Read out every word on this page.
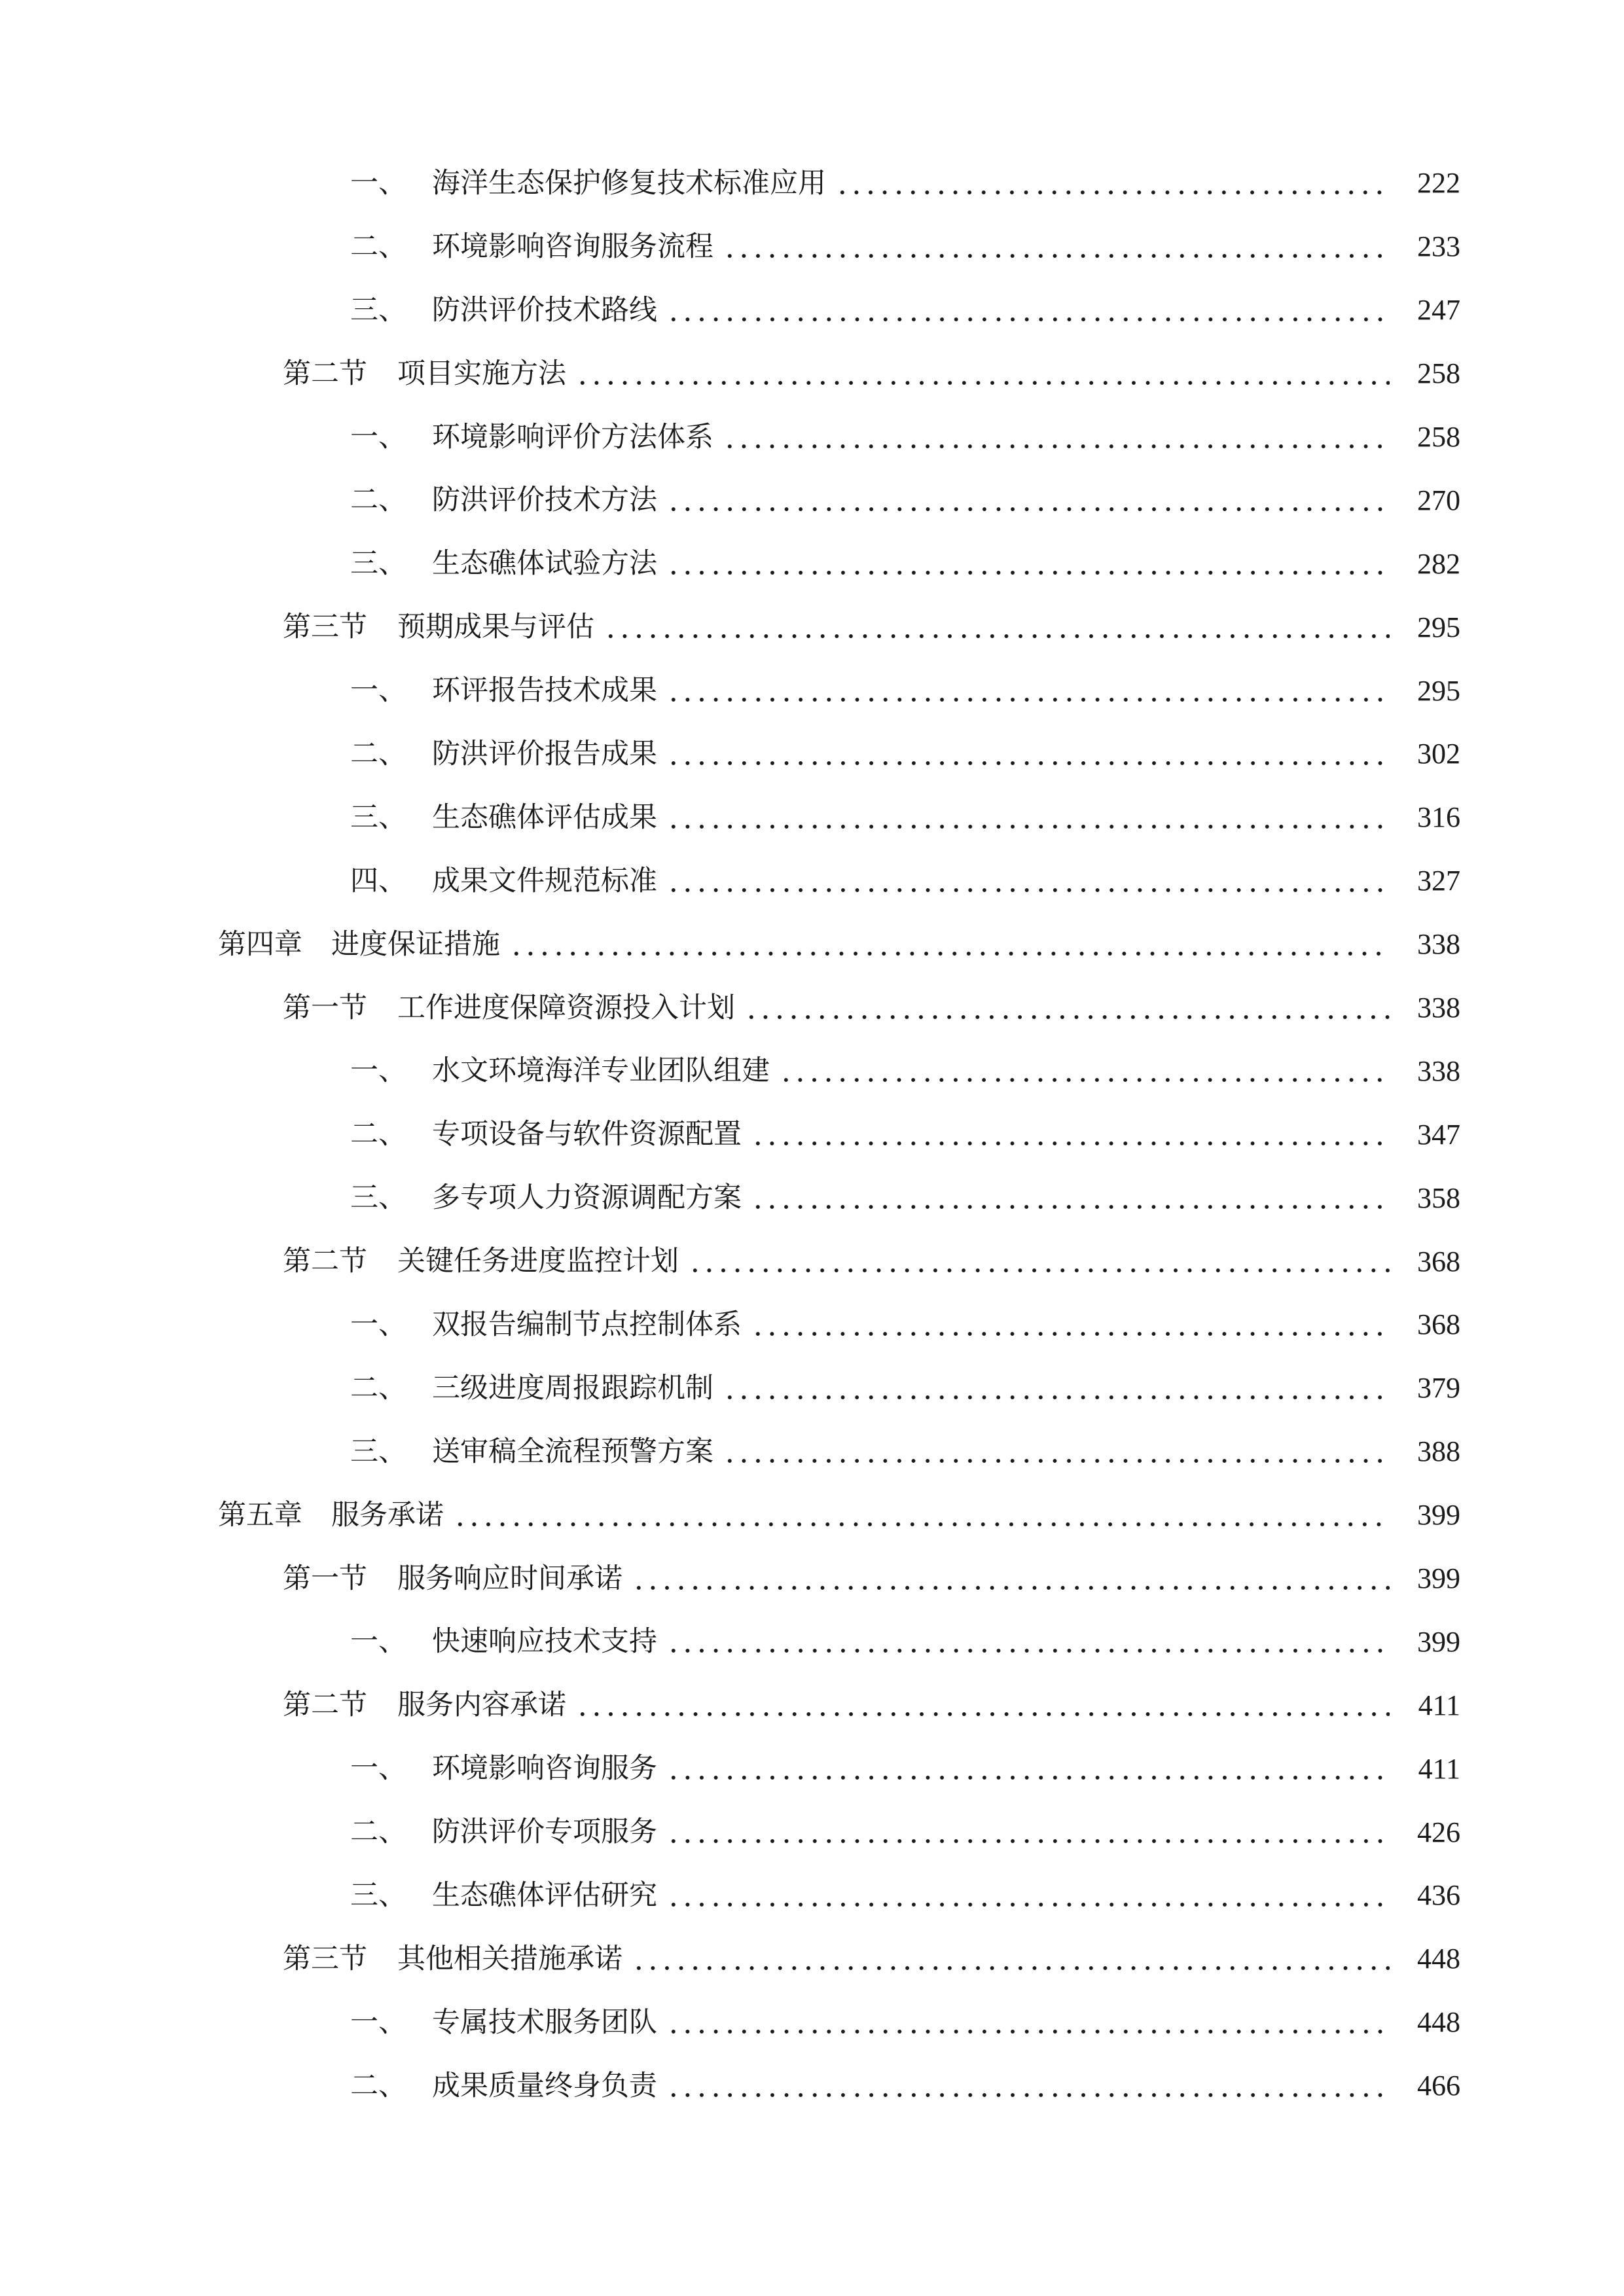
一、 海洋生态保护修复技术标准应用	222
二、 环境影响咨询服务流程	233
三、 防洪评价技术路线	247
第二节	项目实施方法	258
一、 环境影响评价方法体系	258
二、 防洪评价技术方法	270
三、 生态礁体试验方法	282
第三节	预期成果与评估	295
一、 环评报告技术成果	295
二、 防洪评价报告成果	302
三、 生态礁体评估成果	316
四、 成果文件规范标准	327
第四章	进度保证措施	338
第一节	工作进度保障资源投入计划	338
一、 水文环境海洋专业团队组建	338
二、 专项设备与软件资源配置	347
三、 多专项人力资源调配方案	358
第二节	关键任务进度监控计划	368
一、 双报告编制节点控制体系	368
二、 三级进度周报跟踪机制	379
三、 送审稿全流程预警方案	388
第五章	服务承诺	399
第一节	服务响应时间承诺	399
一、 快速响应技术支持	399
第二节	服务内容承诺	411
一、 环境影响咨询服务	411
二、 防洪评价专项服务	426
三、 生态礁体评估研究	436
第三节	其他相关措施承诺	448
一、 专属技术服务团队	448
二、 成果质量终身负责	466
